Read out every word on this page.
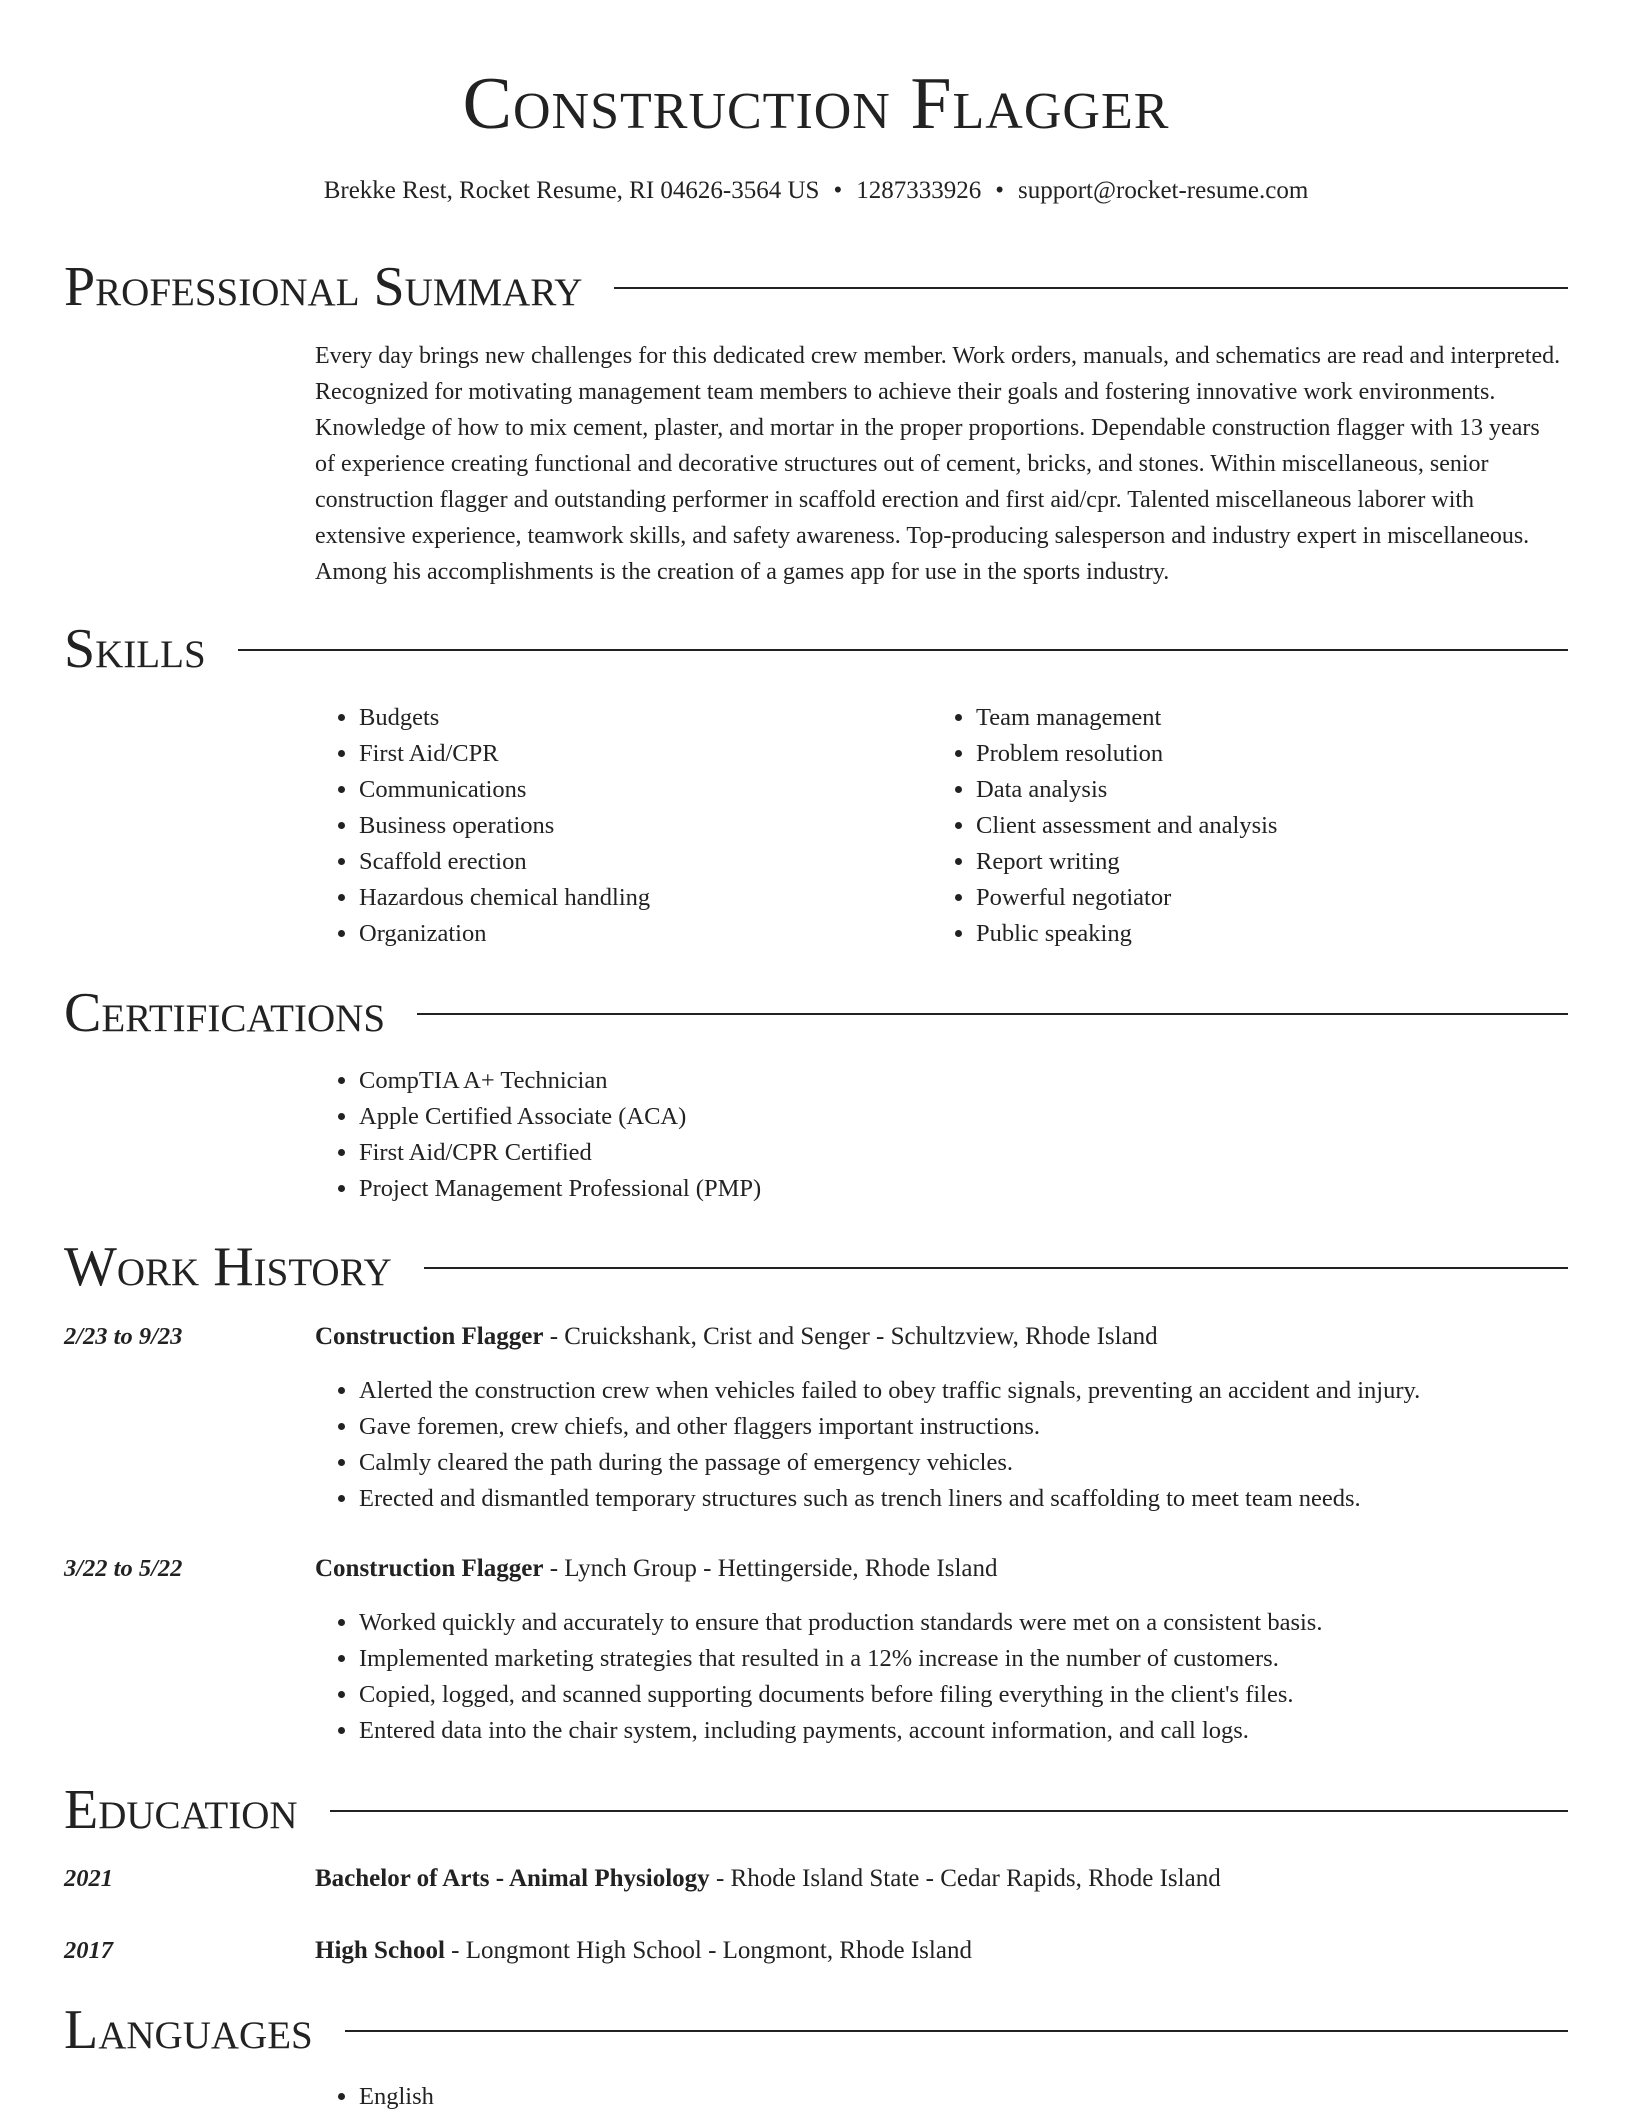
Construction Flagger
Brekke Rest, Rocket Resume, RI 04626-3564 US • 1287333926 • support@rocket-resume.com
Professional Summary
Every day brings new challenges for this dedicated crew member. Work orders, manuals, and schematics are read and interpreted. Recognized for motivating management team members to achieve their goals and fostering innovative work environments. Knowledge of how to mix cement, plaster, and mortar in the proper proportions. Dependable construction flagger with 13 years of experience creating functional and decorative structures out of cement, bricks, and stones. Within miscellaneous, senior construction flagger and outstanding performer in scaffold erection and first aid/cpr. Talented miscellaneous laborer with extensive experience, teamwork skills, and safety awareness. Top-producing salesperson and industry expert in miscellaneous. Among his accomplishments is the creation of a games app for use in the sports industry.
Skills
• Budgets
• First Aid/CPR
• Communications
• Business operations
• Scaffold erection
• Hazardous chemical handling
• Organization
• Team management
• Problem resolution
• Data analysis
• Client assessment and analysis
• Report writing
• Powerful negotiator
• Public speaking
Certifications
• CompTIA A+ Technician
• Apple Certified Associate (ACA)
• First Aid/CPR Certified
• Project Management Professional (PMP)
Work History
2/23 to 9/23	Construction Flagger - Cruickshank, Crist and Senger - Schultzview, Rhode Island
• Alerted the construction crew when vehicles failed to obey traffic signals, preventing an accident and injury.
• Gave foremen, crew chiefs, and other flaggers important instructions.
• Calmly cleared the path during the passage of emergency vehicles.
• Erected and dismantled temporary structures such as trench liners and scaffolding to meet team needs.
3/22 to 5/22	Construction Flagger - Lynch Group - Hettingerside, Rhode Island
• Worked quickly and accurately to ensure that production standards were met on a consistent basis.
• Implemented marketing strategies that resulted in a 12% increase in the number of customers.
• Copied, logged, and scanned supporting documents before filing everything in the client's files.
• Entered data into the chair system, including payments, account information, and call logs.
Education
2021	Bachelor of Arts - Animal Physiology - Rhode Island State - Cedar Rapids, Rhode Island
2017	High School - Longmont High School - Longmont, Rhode Island
Languages
• English
